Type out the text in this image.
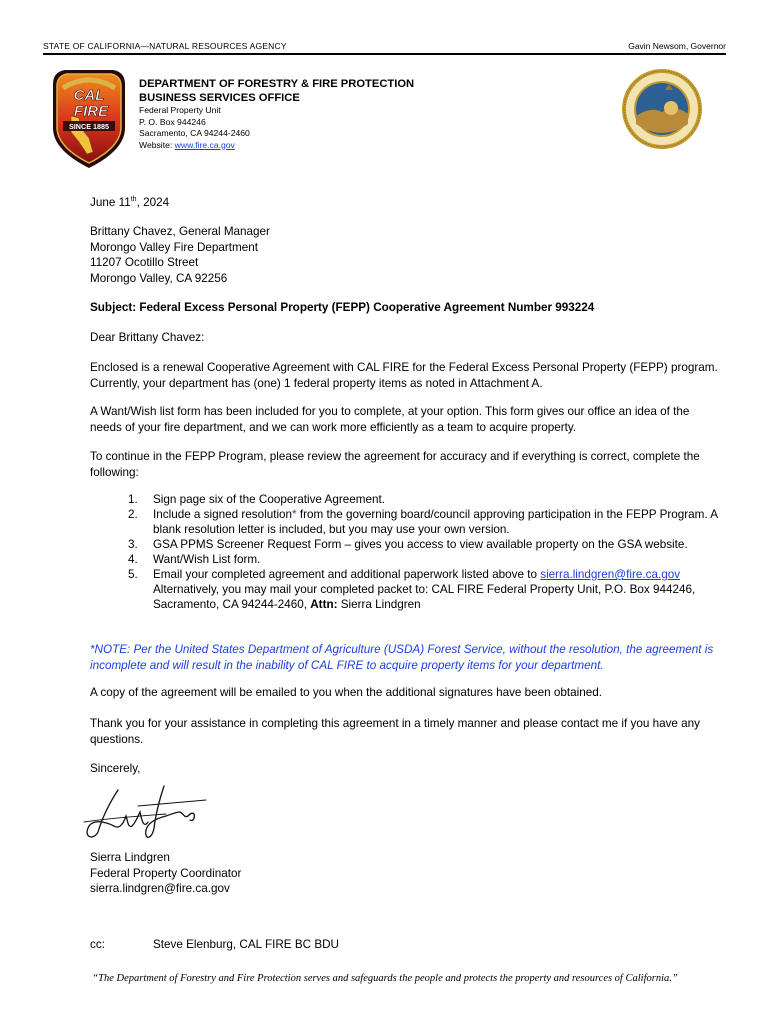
STATE OF CALIFORNIA—NATURAL RESOURCES AGENCY	Gavin Newsom, Governor
CAL
FIRE
SINCE 1885
DEPARTMENT OF FORESTRY & FIRE PROTECTION
BUSINESS SERVICES OFFICE
Federal Property Unit
P. O. Box 944246
Sacramento, CA 94244-2460
Website: www.fire.ca.gov
June 11th, 2024
Brittany Chavez, General Manager
Morongo Valley Fire Department
11207 Ocotillo Street
Morongo Valley, CA 92256
Subject: Federal Excess Personal Property (FEPP) Cooperative Agreement Number 993224
Dear Brittany Chavez:
Enclosed is a renewal Cooperative Agreement with CAL FIRE for the Federal Excess Personal Property (FEPP) program. Currently, your department has (one) 1 federal property items as noted in Attachment A.
A Want/Wish list form has been included for you to complete, at your option. This form gives our office an idea of the needs of your fire department, and we can work more efficiently as a team to acquire property.
To continue in the FEPP Program, please review the agreement for accuracy and if everything is correct, complete the following:
1. Sign page six of the Cooperative Agreement.
2. Include a signed resolution* from the governing board/council approving participation in the FEPP Program. A blank resolution letter is included, but you may use your own version.
3. GSA PPMS Screener Request Form – gives you access to view available property on the GSA website.
4. Want/Wish List form.
5. Email your completed agreement and additional paperwork listed above to sierra.lindgren@fire.ca.gov Alternatively, you may mail your completed packet to: CAL FIRE Federal Property Unit, P.O. Box 944246, Sacramento, CA 94244-2460, Attn: Sierra Lindgren
*NOTE: Per the United States Department of Agriculture (USDA) Forest Service, without the resolution, the agreement is incomplete and will result in the inability of CAL FIRE to acquire property items for your department.
A copy of the agreement will be emailed to you when the additional signatures have been obtained.
Thank you for your assistance in completing this agreement in a timely manner and please contact me if you have any questions.
Sincerely,
Sierra Lindgren
Federal Property Coordinator
sierra.lindgren@fire.ca.gov
cc:	Steve Elenburg, CAL FIRE BC BDU
“The Department of Forestry and Fire Protection serves and safeguards the people and protects the property and resources of California.”
